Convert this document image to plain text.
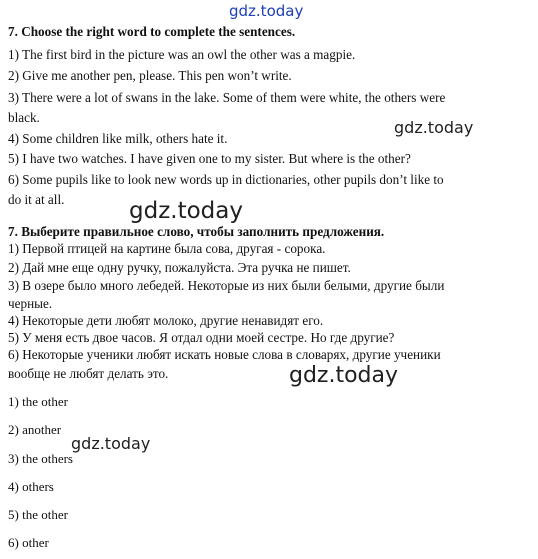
gdz.today
7. Choose the right word to complete the sentences.
1) The first bird in the picture was an owl the other was a magpie.
2) Give me another pen, please. This pen won’t write.
3) There were a lot of swans in the lake. Some of them were white, the others were
black.
4) Some children like milk, others hate it.
5) I have two watches. I have given one to my sister. But where is the other?
6) Some pupils like to look new words up in dictionaries, other pupils don’t like to
do it at all.
gdz.today
gdz.today
7. Выберите правильное слово, чтобы заполнить предложения.
1) Первой птицей на картине была сова, другая - сорока.
2) Дай мне еще одну ручку, пожалуйста. Эта ручка не пишет.
3) В озере было много лебедей. Некоторые из них были белыми, другие были
черные.
4) Некоторые дети любят молоко, другие ненавидят его.
5) У меня есть двое часов. Я отдал одни моей сестре. Но где другие?
6) Некоторые ученики любят искать новые слова в словарях, другие ученики
вообще не любят делать это.	gdz.today
1) the other
2) another
3) the others
4) others
5) the other
6) other
gdz.today
